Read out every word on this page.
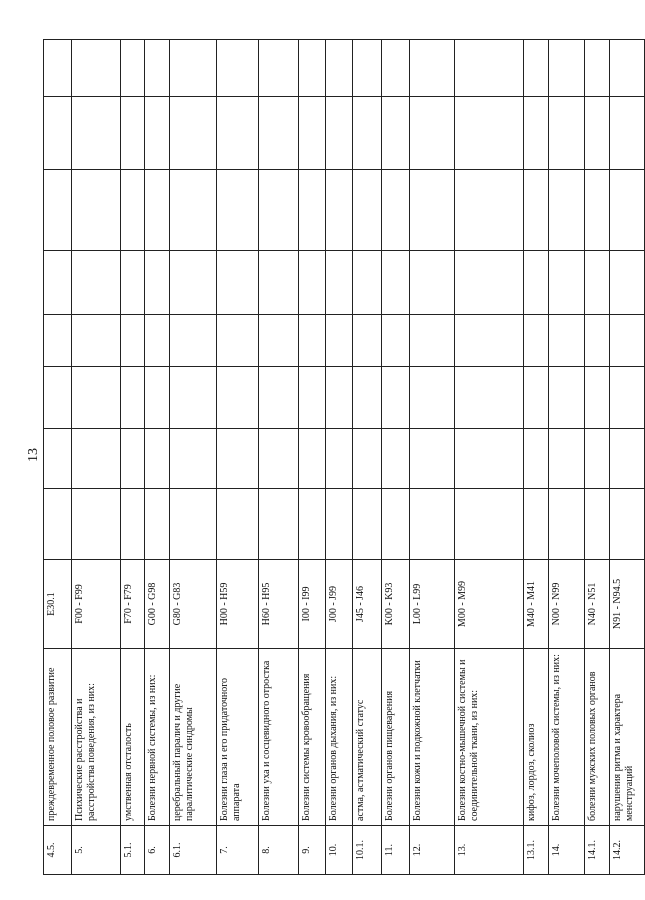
13
4.5.	преждевременное половое развитие	E30.1								
5.	Психические расстройства и расстройства поведения, из них:	F00 - F99								
5.1.	умственная отсталость	F70 - F79								
6.	Болезни нервной системы, из них:	G00 - G98								
6.1.	церебральный паралич и другие паралитические синдромы	G80 - G83								
7.	Болезни глаза и его придаточного аппарата	H00 - H59								
8.	Болезни уха и сосцевидного отростка	H60 - H95								
9.	Болезни системы кровообращения	I00 - I99								
10.	Болезни органов дыхания, из них:	J00 - J99								
10.1.	астма, астматический статус	J45 - J46								
11.	Болезни органов пищеварения	K00 - K93								
12.	Болезни кожи и подкожной клетчатки	L00 - L99								
13.	Болезни костно-мышечной системы и соединительной ткани, из них:	M00 - M99								
13.1.	кифоз, лордоз, сколиоз	M40 - M41								
14.	Болезни мочеполовой системы, из них:	N00 - N99								
14.1.	болезни мужских половых органов	N40 - N51								
14.2.	нарушения ритма и характера менструаций	N91 - N94.5								
